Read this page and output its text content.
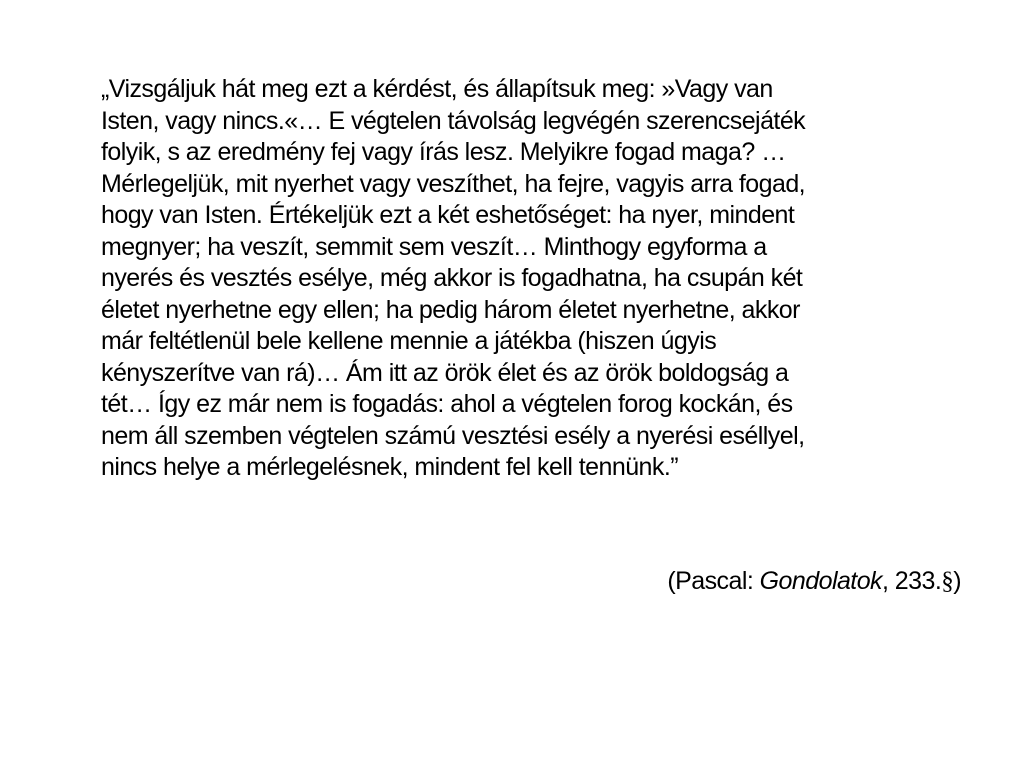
„Vizsgáljuk hát meg ezt a kérdést, és állapítsuk meg: »Vagy van
Isten, vagy nincs.«… E végtelen távolság legvégén szerencsejáték
folyik, s az eredmény fej vagy írás lesz. Melyikre fogad maga? …
Mérlegeljük, mit nyerhet vagy veszíthet, ha fejre, vagyis arra fogad,
hogy van Isten. Értékeljük ezt a két eshetőséget: ha nyer, mindent
megnyer; ha veszít, semmit sem veszít… Minthogy egyforma a
nyerés és vesztés esélye, még akkor is fogadhatna, ha csupán két
életet nyerhetne egy ellen; ha pedig három életet nyerhetne, akkor
már feltétlenül bele kellene mennie a játékba (hiszen úgyis
kényszerítve van rá)… Ám itt az örök élet és az örök boldogság a
tét… Így ez már nem is fogadás: ahol a végtelen forog kockán, és
nem áll szemben végtelen számú vesztési esély a nyerési eséllyel,
nincs helye a mérlegelésnek, mindent fel kell tennünk.”
(Pascal: Gondolatok, 233.§)
